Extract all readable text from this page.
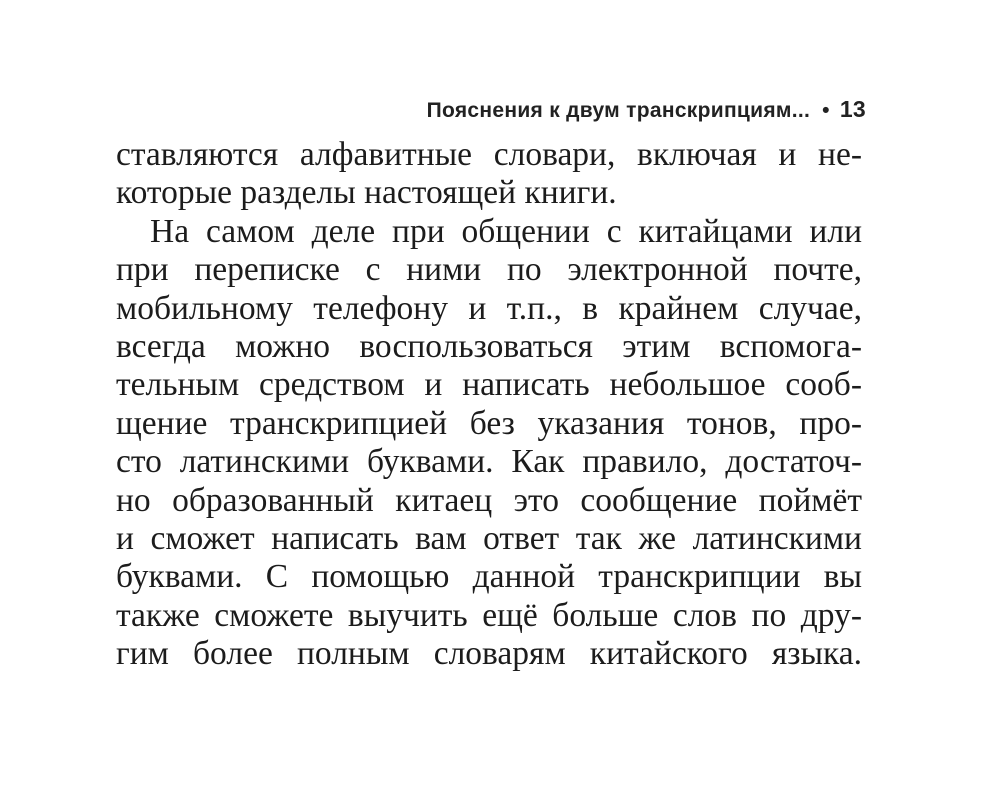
Пояснения к двум транскрипциям... • 13
ставляются алфавитные словари, включая и не-
которые разделы настоящей книги.
На самом деле при общении с китайцами или
при переписке с ними по электронной почте,
мобильному телефону и т.п., в крайнем случае,
всегда можно воспользоваться этим вспомога-
тельным средством и написать небольшое сооб-
щение транскрипцией без указания тонов, про-
сто латинскими буквами. Как правило, достаточ-
но образованный китаец это сообщение поймёт
и сможет написать вам ответ так же латинскими
буквами. С помощью данной транскрипции вы
также сможете выучить ещё больше слов по дру-
гим более полным словарям китайского языка.
